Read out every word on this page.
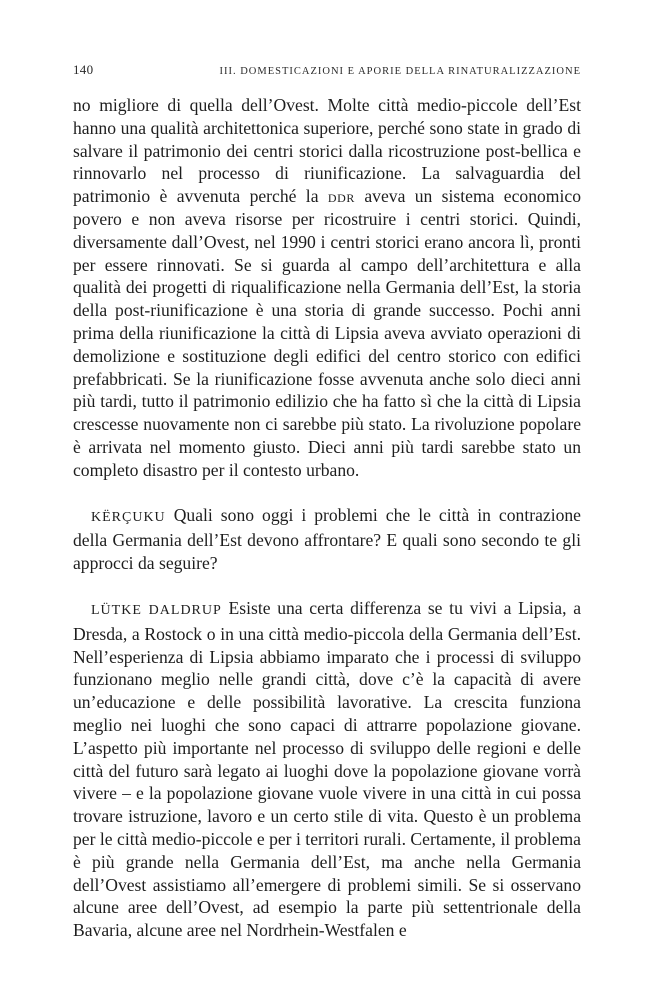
140	III. DOMESTICAZIONI E APORIE DELLA RINATURALIZZAZIONE

no migliore di quella dell’Ovest. Molte città medio-piccole dell’Est hanno una qualità architettonica superiore, perché sono state in grado di salvare il patrimonio dei centri storici dalla ricostruzione post-bellica e rinnovarlo nel processo di riunificazione. La salvaguardia del patrimonio è avvenuta perché la ddr aveva un sistema economico povero e non aveva risorse per ricostruire i centri storici. Quindi, diversamente dall’Ovest, nel 1990 i centri storici erano ancora lì, pronti per essere rinnovati. Se si guarda al campo dell’architettura e alla qualità dei progetti di riqualificazione nella Germania dell’Est, la storia della post-riunificazione è una storia di grande successo. Pochi anni prima della riunificazione la città di Lipsia aveva avviato operazioni di demolizione e sostituzione degli edifici del centro storico con edifici prefabbricati. Se la riunificazione fosse avvenuta anche solo dieci anni più tardi, tutto il patrimonio edilizio che ha fatto sì che la città di Lipsia crescesse nuovamente non ci sarebbe più stato. La rivoluzione popolare è arrivata nel momento giusto. Dieci anni più tardi sarebbe stato un completo disastro per il contesto urbano.

KËRÇUKU Quali sono oggi i problemi che le città in contrazione della Germania dell’Est devono affrontare? E quali sono secondo te gli approcci da seguire?

LÜTKE DALDRUP Esiste una certa differenza se tu vivi a Lipsia, a Dresda, a Rostock o in una città medio-piccola della Germania dell’Est. Nell’esperienza di Lipsia abbiamo imparato che i processi di sviluppo funzionano meglio nelle grandi città, dove c’è la capacità di avere un’educazione e delle possibilità lavorative. La crescita funziona meglio nei luoghi che sono capaci di attrarre popolazione giovane. L’aspetto più importante nel processo di sviluppo delle regioni e delle città del futuro sarà legato ai luoghi dove la popolazione giovane vorrà vivere – e la popolazione giovane vuole vivere in una città in cui possa trovare istruzione, lavoro e un certo stile di vita. Questo è un problema per le città medio-piccole e per i territori rurali. Certamente, il problema è più grande nella Germania dell’Est, ma anche nella Germania dell’Ovest assistiamo all’emergere di problemi simili. Se si osservano alcune aree dell’Ovest, ad esempio la parte più settentrionale della Bavaria, alcune aree nel Nordrhein-Westfalen e
